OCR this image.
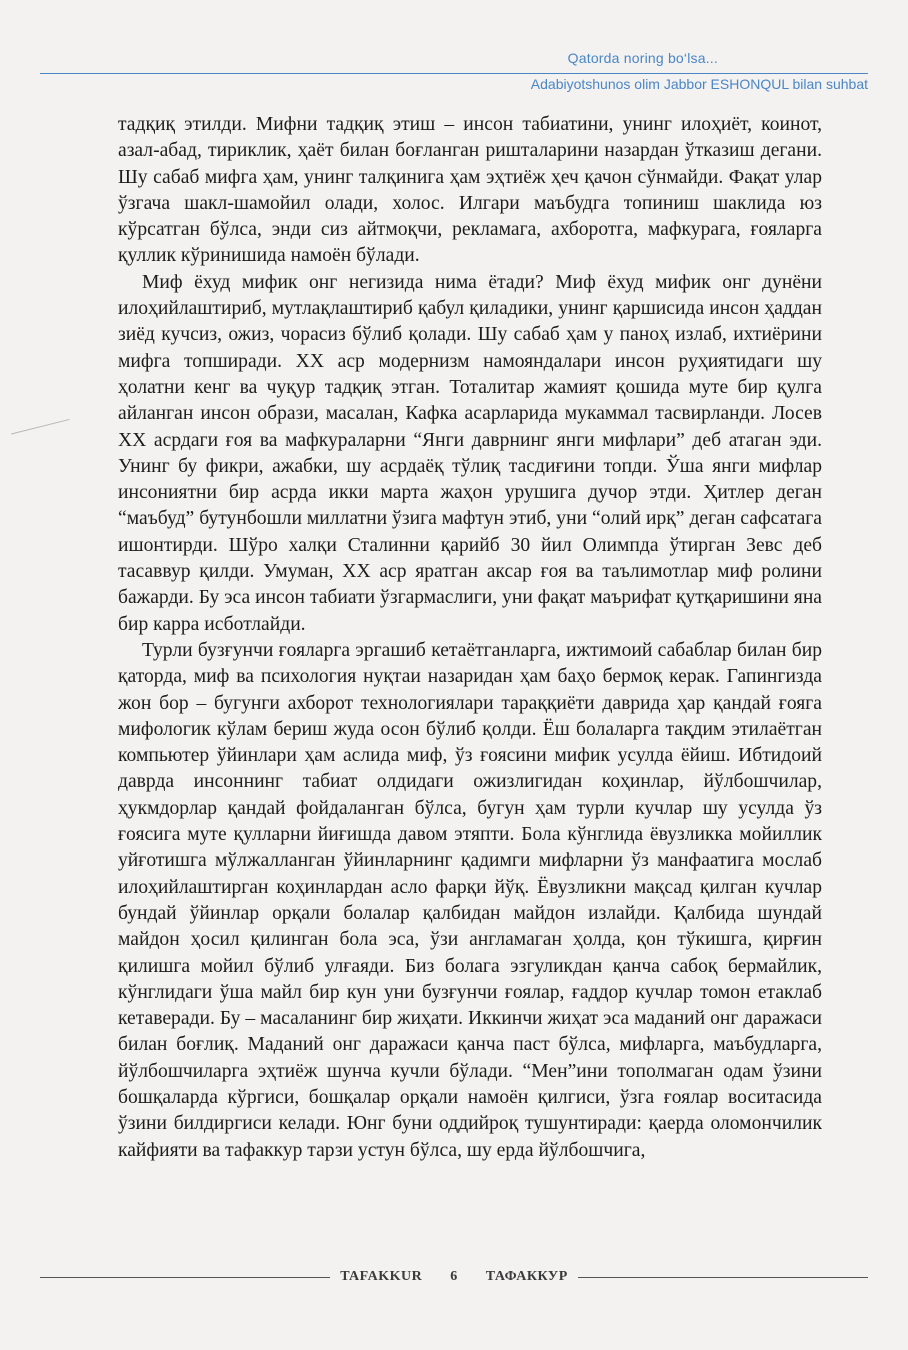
Qatorda noring bo‘lsa...
Adabiyotshunos olim Jabbor ESHONQUL bilan suhbat

тадқиқ этилди. Мифни тадқиқ этиш – инсон табиатини, унинг илоҳиёт, коинот, азал-абад, тириклик, ҳаёт билан боғланган ришталарини назардан ўтказиш дегани. Шу сабаб мифга ҳам, унинг талқинига ҳам эҳтиёж ҳеч қачон сўнмайди. Фақат улар ўзгача шакл-шамойил олади, холос. Илгари маъбудга топиниш шаклида юз кўрсатган бўлса, энди сиз айтмоқчи, рекламага, ахборотга, мафкурага, ғояларга қуллик кўринишида намоён бўлади.

Миф ёхуд мифик онг негизида нима ётади? Миф ёхуд мифик онг дунёни илоҳийлаштириб, мутлақлаштириб қабул қиладики, унинг қаршисида инсон ҳаддан зиёд кучсиз, ожиз, чорасиз бўлиб қолади. Шу сабаб ҳам у паноҳ излаб, ихтиёрини мифга топширади. XX аср модернизм намояндалари инсон руҳиятидаги шу ҳолатни кенг ва чуқур тадқиқ этган. Тоталитар жамият қошида муте бир қулга айланган инсон образи, масалан, Кафка асарларида мукаммал тасвирланди. Лосев XX асрдаги ғоя ва мафкураларни “Янги даврнинг янги мифлари” деб атаган эди. Унинг бу фикри, ажабки, шу асрдаёқ тўлиқ тасдиғини топди. Ўша янги мифлар инсониятни бир асрда икки марта жаҳон урушига дучор этди. Ҳитлер деган “маъбуд” бутунбошли миллатни ўзига мафтун этиб, уни “олий ирқ” деган сафсатага ишонтирди. Шўро халқи Сталинни қарийб 30 йил Олимпда ўтирган Зевс деб тасаввур қилди. Умуман, XX аср яратган аксар ғоя ва таълимотлар миф ролини бажарди. Бу эса инсон табиати ўзгармаслиги, уни фақат маърифат қутқаришини яна бир карра исботлайди.

Турли бузғунчи ғояларга эргашиб кетаётганларга, ижтимоий сабаблар билан бир қаторда, миф ва психология нуқтаи назаридан ҳам баҳо бермоқ керак. Гапингизда жон бор – бугунги ахборот технологиялари тараққиёти даврида ҳар қандай ғояга мифологик кўлам бериш жуда осон бўлиб қолди. Ёш болаларга тақдим этилаётган компьютер ўйинлари ҳам аслида миф, ўз ғоясини мифик усулда ёйиш. Ибтидоий даврда инсоннинг табиат олдидаги ожизлигидан коҳинлар, йўлбошчилар, ҳукмдорлар қандай фойдаланган бўлса, бугун ҳам турли кучлар шу усулда ўз ғоясига муте қулларни йиғишда давом этяпти. Бола кўнглида ёвузликка мойиллик уйғотишга мўлжалланган ўйинларнинг қадимги мифларни ўз манфаатига мослаб илоҳийлаштирган коҳинлардан асло фарқи йўқ. Ёвузликни мақсад қилган кучлар бундай ўйинлар орқали болалар қалбидан майдон излайди. Қалбида шундай майдон ҳосил қилинган бола эса, ўзи англамаган ҳолда, қон тўкишга, қирғин қилишга мойил бўлиб улғаяди. Биз болага эзгуликдан қанча сабоқ бермайлик, кўнглидаги ўша майл бир кун уни бузғунчи ғоялар, ғаддор кучлар томон етаклаб кетаверади. Бу – масаланинг бир жиҳати. Иккинчи жиҳат эса маданий онг даражаси билан боғлиқ. Маданий онг даражаси қанча паст бўлса, мифларга, маъбудларга, йўлбошчиларга эҳтиёж шунча кучли бўлади. “Мен”ини тополмаган одам ўзини бошқаларда кўргиси, бошқалар орқали намоён қилгиси, ўзга ғоялар воситасида ўзини билдиргиси келади. Юнг буни оддийроқ тушунтиради: қаерда оломончилик кайфияти ва тафаккур тарзи устун бўлса, шу ерда йўлбошчига,

TAFAKKUR	6	ТАФАККУР
